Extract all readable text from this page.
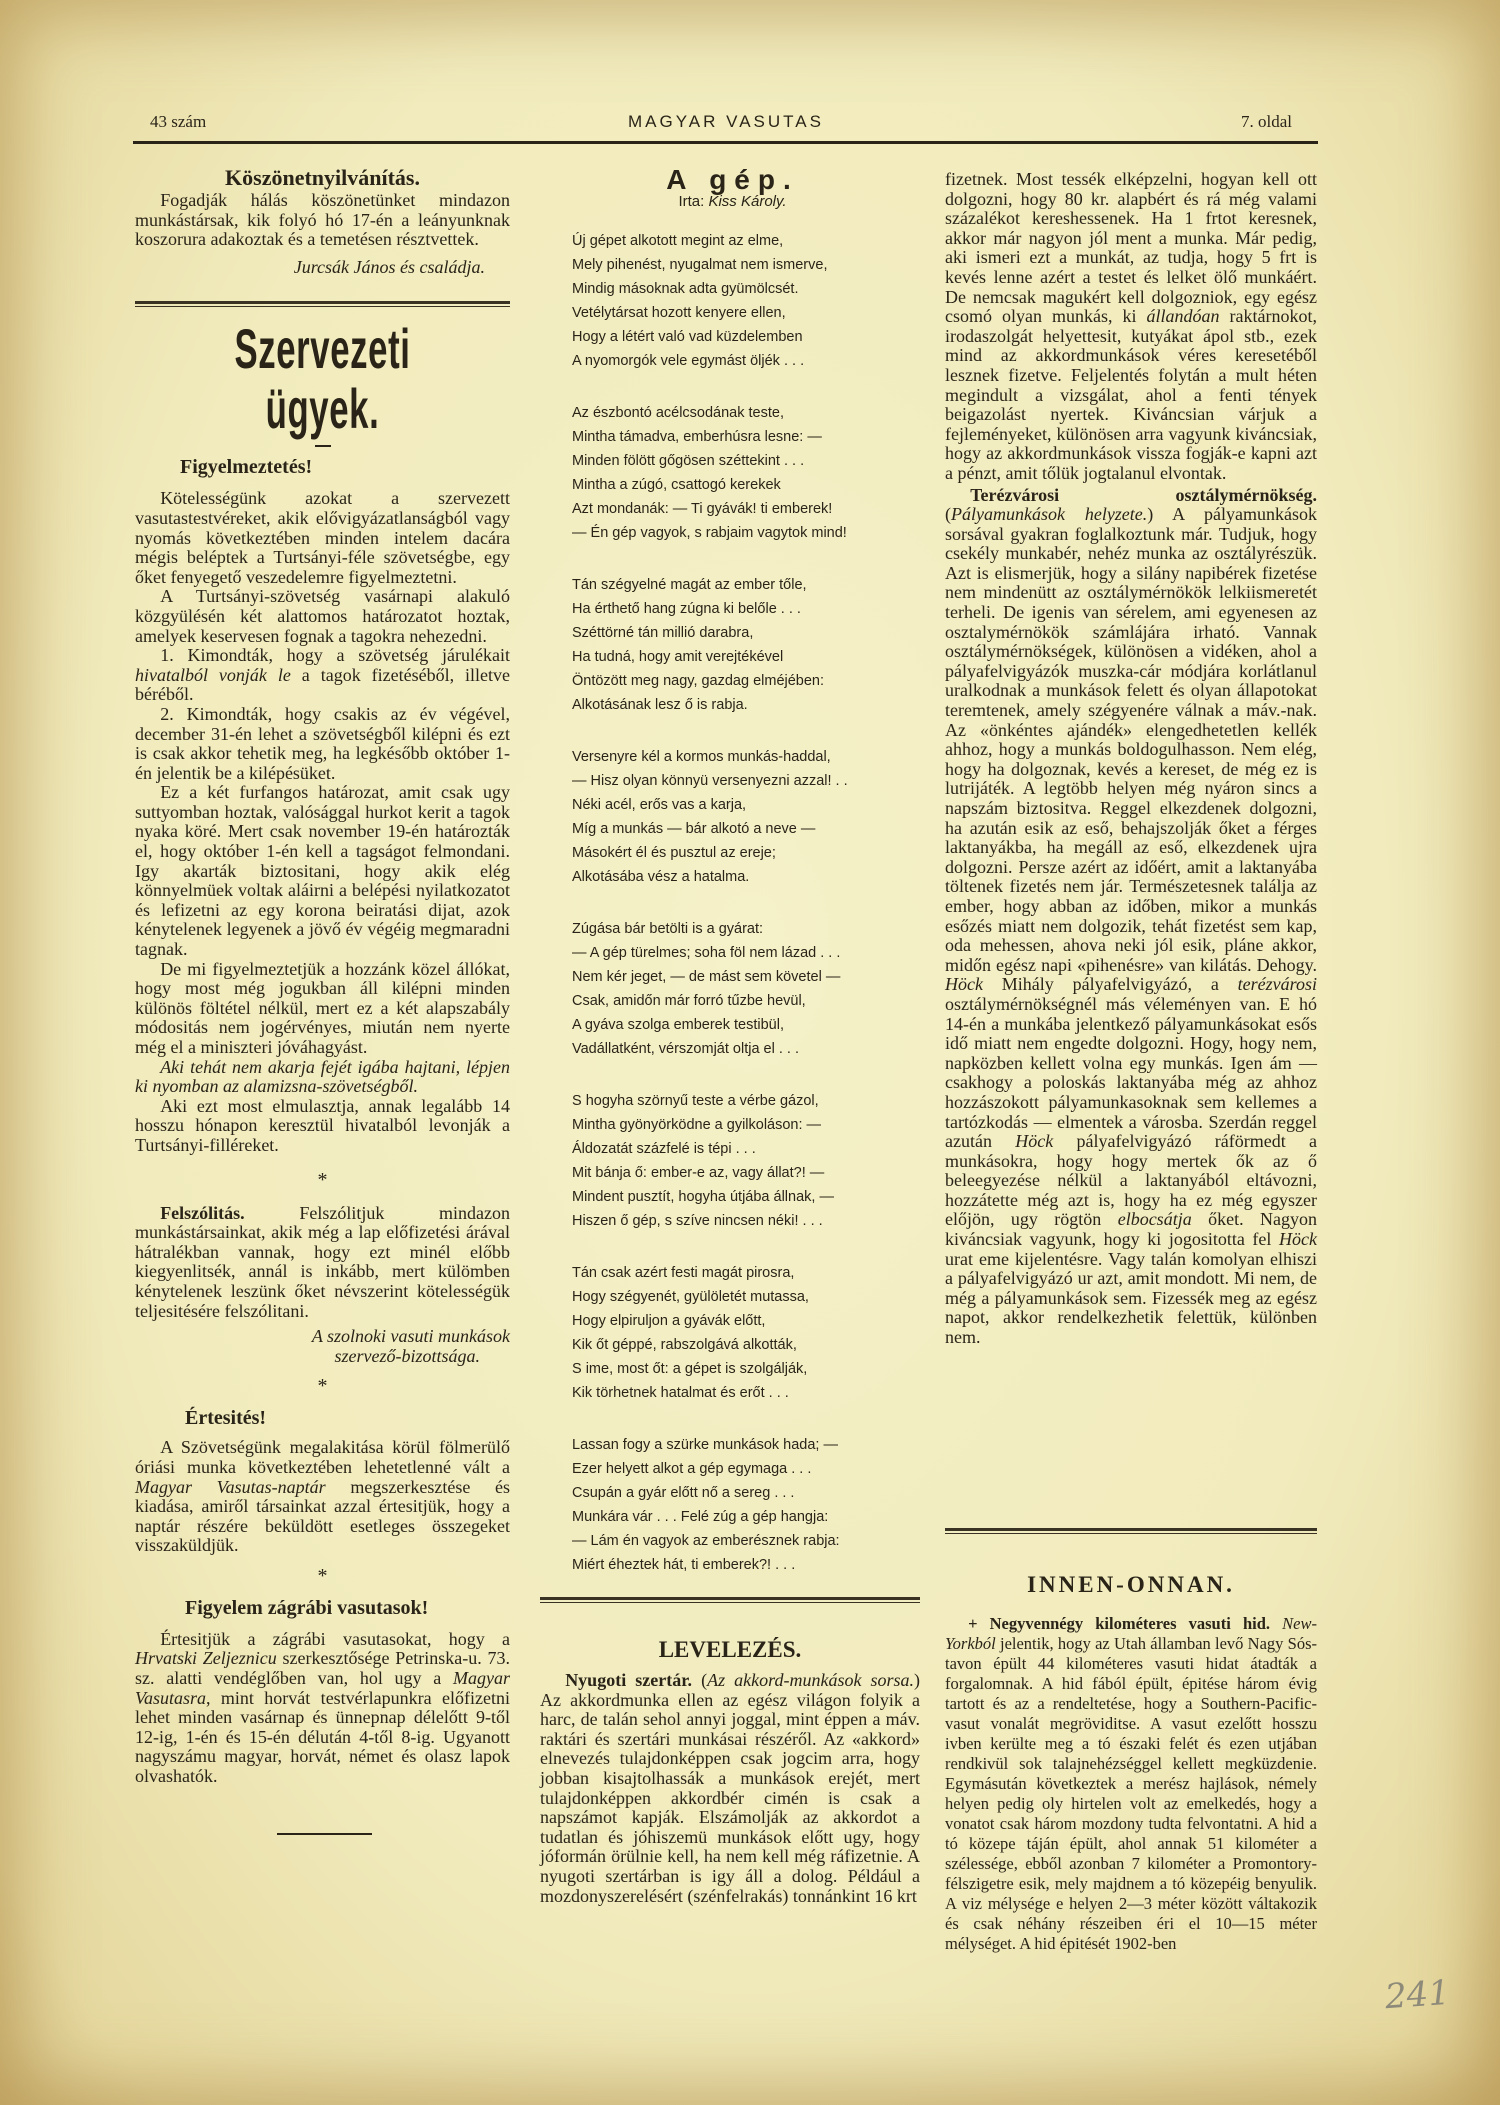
43 szám	MAGYAR VASUTAS	7. oldal
Köszönetnyilvánítás.

Fogadják hálás köszönetünket mindazon munkástársak, kik folyó hó 17-én a leányunknak koszorura adakoztak és a temetésen résztvettek.

Jurcsák János és családja.

Szervezeti ügyek.
Figyelmeztetés!

Kötelességünk azokat a szervezett vasutastestvéreket, akik elővigyázatlanságból vagy nyomás következtében minden intelem dacára mégis beléptek a Turtsányi-féle szövetségbe, egy őket fenyegető veszedelemre figyelmeztetni.

A Turtsányi-szövetség vasárnapi alakuló közgyülésén két alattomos határozatot hoztak, amelyek keservesen fognak a tagokra nehezedni.

1. Kimondták, hogy a szövetség járulékait hivatalból vonják le a tagok fizetéséből, illetve béréből.

2. Kimondták, hogy csakis az év végével, december 31-én lehet a szövetségből kilépni és ezt is csak akkor tehetik meg, ha legkésőbb október 1-én jelentik be a kilépésüket.

Ez a két furfangos határozat, amit csak ugy suttyomban hoztak, valósággal hurkot kerit a tagok nyaka köré. Mert csak november 19-én határozták el, hogy október 1-én kell a tagságot felmondani. Igy akarták biztositani, hogy akik elég könnyelmüek voltak aláirni a belépési nyilatkozatot és lefizetni az egy korona beiratási dijat, azok kénytelenek legyenek a jövő év végéig megmaradni tagnak.

De mi figyelmeztetjük a hozzánk közel állókat, hogy most még jogukban áll kilépni minden különös föltétel nélkül, mert ez a két alapszabály módositás nem jogérvényes, miután nem nyerte még el a miniszteri jóváhagyást.

Aki tehát nem akarja fejét igába hajtani, lépjen ki nyomban az alamizsna-szövetségből.

Aki ezt most elmulasztja, annak legalább 14 hosszu hónapon keresztül hivatalból levonják a Turtsányi-filléreket.

*

Felszólitás. Felszólitjuk mindazon munkástársainkat, akik még a lap előfizetési árával hátralékban vannak, hogy ezt minél előbb kiegyenlitsék, annál is inkább, mert külömben kénytelenek leszünk őket névszerint kötelességük teljesitésére felszólitani.

A szolnoki vasuti munkások

szervező-bizottsága.

*
Értesités!

A Szövetségünk megalakitása körül fölmerülő óriási munka következtében lehetetlenné vált a Magyar Vasutas-naptár megszerkesztése és kiadása, amiről társainkat azzal értesitjük, hogy a naptár részére beküldött esetleges összegeket visszaküldjük.

*
Figyelem zágrábi vasutasok!

Értesitjük a zágrábi vasutasokat, hogy a Hrvatski Zeljeznicu szerkesztősége Petrinska-u. 73. sz. alatti vendéglőben van, hol ugy a Magyar Vasutasra, mint horvát testvérlapunkra előfizetni lehet minden vasárnap és ünnepnap délelőtt 9-től 12-ig, 1-én és 15-én délután 4-től 8-ig. Ugyanott nagyszámu magyar, horvát, német és olasz lapok olvashatók.

A gép.
Irta: Kiss Károly.
Új gépet alkotott megint az elme,
Mely pihenést, nyugalmat nem ismerve,
Mindig másoknak adta gyümölcsét.
Vetélytársat hozott kenyere ellen,
Hogy a létért való vad küzdelemben
A nyomorgók vele egymást öljék . . .
Az észbontó acélcsodának teste,
Mintha támadva, emberhúsra lesne: —
Minden fölött gőgösen széttekint . . .
Mintha a zúgó, csattogó kerekek
Azt mondanák: — Ti gyávák! ti emberek!
— Én gép vagyok, s rabjaim vagytok mind!
Tán szégyelné magát az ember tőle,
Ha érthető hang zúgna ki belőle . . .
Széttörné tán millió darabra,
Ha tudná, hogy amit verejtékével
Öntözött meg nagy, gazdag elméjében:
Alkotásának lesz ő is rabja.
Versenyre kél a kormos munkás-haddal,
— Hisz olyan könnyü versenyezni azzal! . .
Néki acél, erős vas a karja,
Míg a munkás — bár alkotó a neve —
Másokért él és pusztul az ereje;
Alkotásába vész a hatalma.
Zúgása bár betölti is a gyárat:
— A gép türelmes; soha föl nem lázad . . .
Nem kér jeget, — de mást sem követel —
Csak, amidőn már forró tűzbe hevül,
A gyáva szolga emberek testibül,
Vadállatként, vérszomját oltja el . . .
S hogyha szörnyű teste a vérbe gázol,
Mintha gyönyörködne a gyilkoláson: —
Áldozatát százfelé is tépi . . .
Mit bánja ő: ember-e az, vagy állat?! —
Mindent pusztít, hogyha útjába állnak, —
Hiszen ő gép, s szíve nincsen néki! . . .
Tán csak azért festi magát pirosra,
Hogy szégyenét, gyülöletét mutassa,
Hogy elpiruljon a gyávák előtt,
Kik őt géppé, rabszolgává alkották,
S ime, most őt: a gépet is szolgálják,
Kik törhetnek hatalmat és erőt . . .
Lassan fogy a szürke munkások hada; —
Ezer helyett alkot a gép egymaga . . .
Csupán a gyár előtt nő a sereg . . .
Munkára vár . . . Felé zúg a gép hangja:
— Lám én vagyok az emberésznek rabja:
Miért éheztek hát, ti emberek?! . . .
LEVELEZÉS.

Nyugoti szertár. (Az akkord-munkások sorsa.) Az akkordmunka ellen az egész világon folyik a harc, de talán sehol annyi joggal, mint éppen a máv. raktári és szertári munkásai részéről. Az «akkord» elnevezés tulajdonképpen csak jogcim arra, hogy jobban kisajtolhassák a munkások erejét, mert tulajdonképpen akkordbér cimén is csak a napszámot kapják. Elszámolják az akkordot a tudatlan és jóhiszemü munkások előtt ugy, hogy jóformán örülnie kell, ha nem kell még ráfizetnie. A nyugoti szertárban is igy áll a dolog. Például a mozdonyszerelésért (szénfelrakás) tonnánkint 16 krt

fizetnek. Most tessék elképzelni, hogyan kell ott dolgozni, hogy 80 kr. alapbért és rá még valami százalékot kereshessenek. Ha 1 frtot keresnek, akkor már nagyon jól ment a munka. Már pedig, aki ismeri ezt a munkát, az tudja, hogy 5 frt is kevés lenne azért a testet és lelket ölő munkáért. De nemcsak magukért kell dolgozniok, egy egész csomó olyan munkás, ki állandóan raktárnokot, irodaszolgát helyettesit, kutyákat ápol stb., ezek mind az akkordmunkások véres keresetéből lesznek fizetve. Feljelentés folytán a mult héten megindult a vizsgálat, ahol a fenti tények beigazolást nyertek. Kiváncsian várjuk a fejleményeket, különösen arra vagyunk kiváncsiak, hogy az akkordmunkások vissza fogják-e kapni azt a pénzt, amit tőlük jogtalanul elvontak.

Terézvárosi osztálymérnökség. (Pályamunkások helyzete.) A pályamunkások sorsával gyakran foglalkoztunk már. Tudjuk, hogy csekély munkabér, nehéz munka az osztályrészük. Azt is elismerjük, hogy a silány napibérek fizetése nem mindenütt az osztálymérnökök lelkiismeretét terheli. De igenis van sérelem, ami egyenesen az osztalymérnökök számlájára irható. Vannak osztálymérnökségek, különösen a vidéken, ahol a pályafelvigyázók muszka-cár módjára korlátlanul uralkodnak a munkások felett és olyan állapotokat teremtenek, amely szégyenére válnak a máv.-nak. Az «önkéntes ajándék» elengedhetetlen kellék ahhoz, hogy a munkás boldogulhasson. Nem elég, hogy ha dolgoznak, kevés a kereset, de még ez is lutrijáték. A legtöbb helyen még nyáron sincs a napszám biztositva. Reggel elkezdenek dolgozni, ha azután esik az eső, behajszolják őket a férges laktanyákba, ha megáll az eső, elkezdenek ujra dolgozni. Persze azért az időért, amit a laktanyába töltenek fizetés nem jár. Természetesnek találja az ember, hogy abban az időben, mikor a munkás esőzés miatt nem dolgozik, tehát fizetést sem kap, oda mehessen, ahova neki jól esik, pláne akkor, midőn egész napi «pihenésre» van kilátás. Dehogy. Höck Mihály pályafelvigyázó, a terézvárosi osztálymérnökségnél más véleményen van. E hó 14-én a munkába jelentkező pályamunkásokat esős idő miatt nem engedte dolgozni. Hogy, hogy nem, napközben kellett volna egy munkás. Igen ám — csakhogy a poloskás laktanyába még az ahhoz hozzászokott pályamunkasoknak sem kellemes a tartózkodás — elmentek a városba. Szerdán reggel azután Höck pályafelvigyázó ráförmedt a munkásokra, hogy hogy mertek ők az ő beleegyezése nélkül a laktanyából eltávozni, hozzátette még azt is, hogy ha ez még egyszer előjön, ugy rögtön elbocsátja őket. Nagyon kiváncsiak vagyunk, hogy ki jogositotta fel Höck urat eme kijelentésre. Vagy talán komolyan elhiszi a pályafelvigyázó ur azt, amit mondott. Mi nem, de még a pályamunkások sem. Fizessék meg az egész napot, akkor rendelkezhetik felettük, különben nem.

INNEN-ONNAN.

+ Negyvennégy kilométeres vasuti hid. New-Yorkból jelentik, hogy az Utah államban levő Nagy Sós-tavon épült 44 kilométeres vasuti hidat átadták a forgalomnak. A hid fából épült, épitése három évig tartott és az a rendeltetése, hogy a Southern-Pacific-vasut vonalát megröviditse. A vasut ezelőtt hosszu ivben kerülte meg a tó északi felét és ezen utjában rendkivül sok talajnehézséggel kellett megküzdenie. Egymásután következtek a merész hajlások, némely helyen pedig oly hirtelen volt az emelkedés, hogy a vonatot csak három mozdony tudta felvontatni. A hid a tó közepe táján épült, ahol annak 51 kilométer a szélessége, ebből azonban 7 kilométer a Promontory-félszigetre esik, mely majdnem a tó közepéig benyulik. A viz mélysége e helyen 2—3 méter között váltakozik és csak néhány részeiben éri el 10—15 méter mélységet. A hid épitését 1902-ben

241
